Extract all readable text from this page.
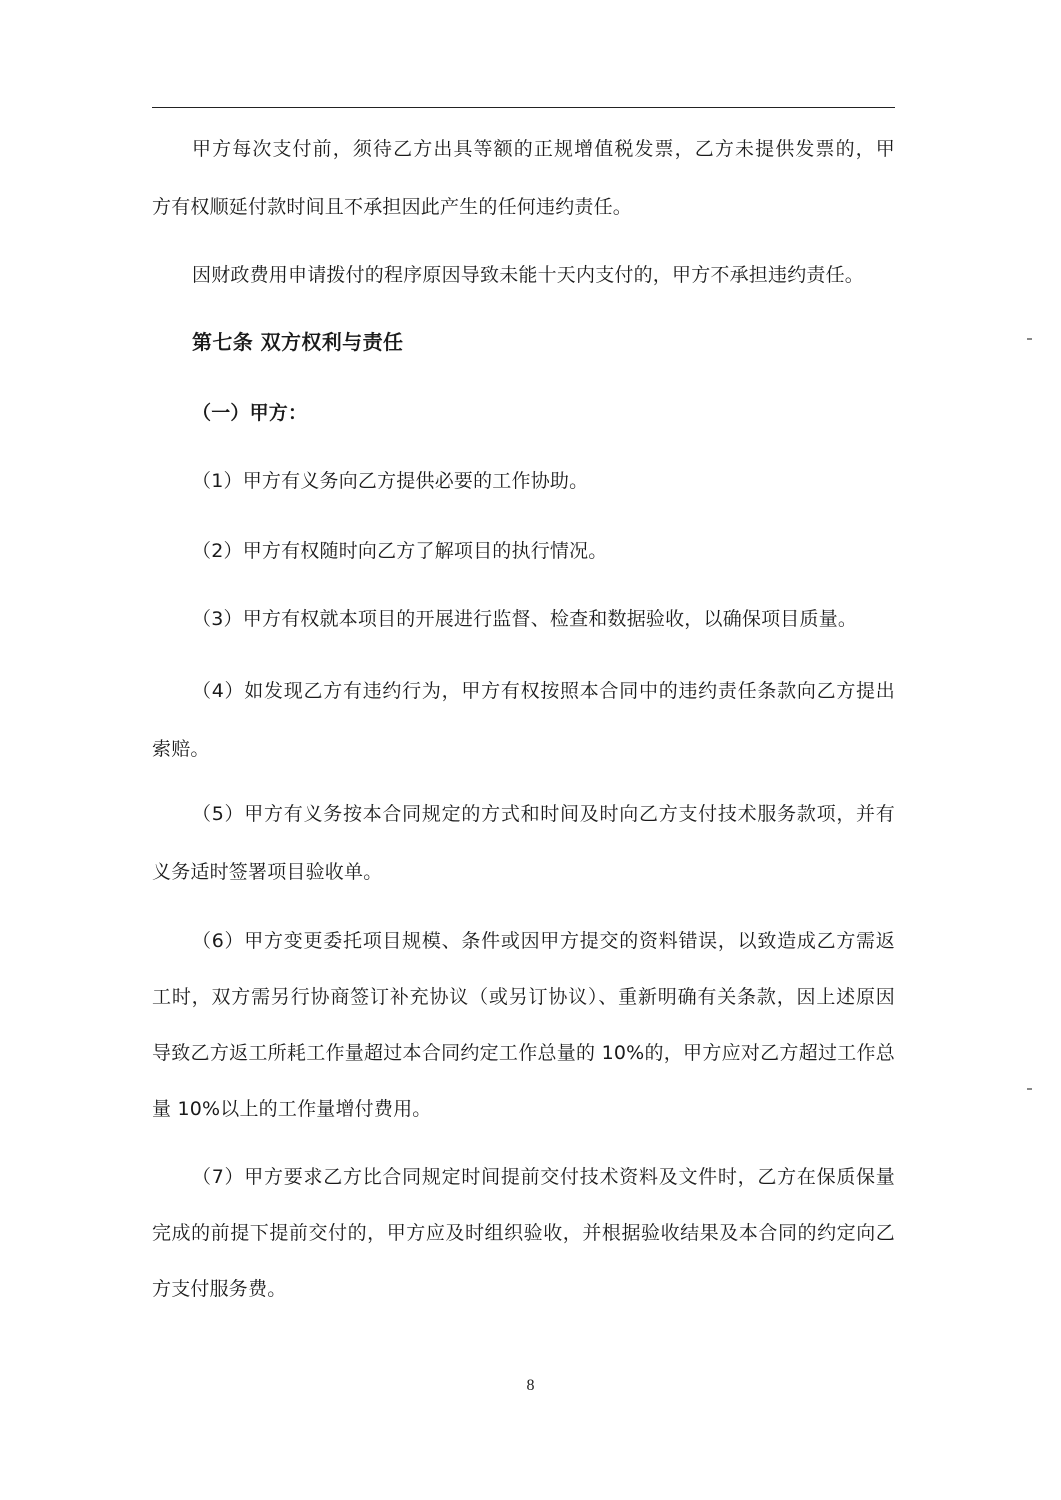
甲方每次支付前，须待乙方出具等额的正规增值税发票，乙方未提供发票的，甲
方有权顺延付款时间且不承担因此产生的任何违约责任。
因财政费用申请拨付的程序原因导致未能十天内支付的，甲方不承担违约责任。
第七条 双方权利与责任
（一）甲方：
（1）甲方有义务向乙方提供必要的工作协助。
（2）甲方有权随时向乙方了解项目的执行情况。
（3）甲方有权就本项目的开展进行监督、检查和数据验收，以确保项目质量。
（4）如发现乙方有违约行为，甲方有权按照本合同中的违约责任条款向乙方提出
索赔。
（5）甲方有义务按本合同规定的方式和时间及时向乙方支付技术服务款项，并有
义务适时签署项目验收单。
（6）甲方变更委托项目规模、条件或因甲方提交的资料错误，以致造成乙方需返
工时，双方需另行协商签订补充协议（或另订协议）、重新明确有关条款，因上述原因
导致乙方返工所耗工作量超过本合同约定工作总量的 10%的，甲方应对乙方超过工作总
量 10%以上的工作量增付费用。
（7）甲方要求乙方比合同规定时间提前交付技术资料及文件时，乙方在保质保量
完成的前提下提前交付的，甲方应及时组织验收，并根据验收结果及本合同的约定向乙
方支付服务费。
8
